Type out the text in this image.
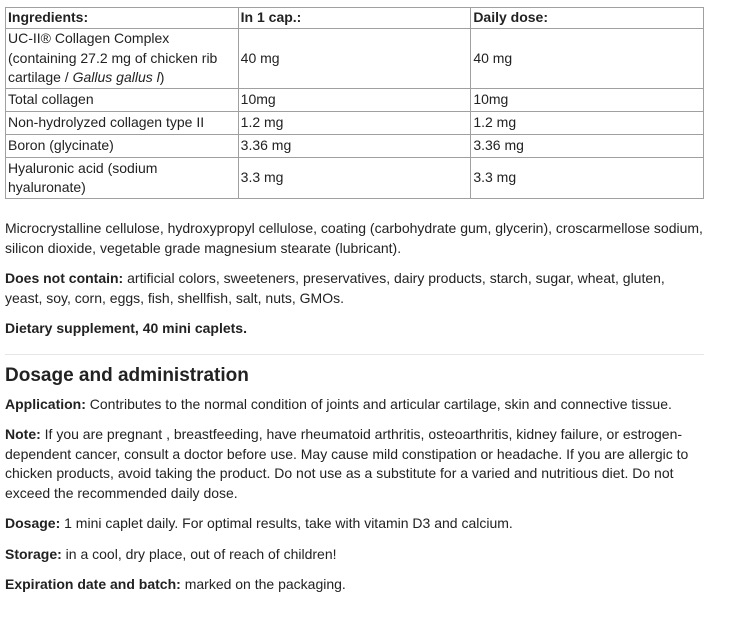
Ingredients:	In 1 cap.:	Daily dose:
UC-II® Collagen Complex
(containing 27.2 mg of chicken rib
cartilage / Gallus gallus l)	40 mg	40 mg
Total collagen	10mg	10mg
Non-hydrolyzed collagen type II	1.2 mg	1.2 mg
Boron (glycinate)	3.36 mg	3.36 mg
Hyaluronic acid (sodium
hyaluronate)	3.3 mg	3.3 mg

Microcrystalline cellulose, hydroxypropyl cellulose, coating (carbohydrate gum, glycerin), croscarmellose sodium, silicon dioxide, vegetable grade magnesium stearate (lubricant).

Does not contain: artificial colors, sweeteners, preservatives, dairy products, starch, sugar, wheat, gluten, yeast, soy, corn, eggs, fish, shellfish, salt, nuts, GMOs.

Dietary supplement, 40 mini caplets.

Dosage and administration

Application: Contributes to the normal condition of joints and articular cartilage, skin and connective tissue.

Note: If you are pregnant , breastfeeding, have rheumatoid arthritis, osteoarthritis, kidney failure, or estrogen-dependent cancer, consult a doctor before use. May cause mild constipation or headache. If you are allergic to chicken products, avoid taking the product. Do not use as a substitute for a varied and nutritious diet. Do not exceed the recommended daily dose.

Dosage: 1 mini caplet daily. For optimal results, take with vitamin D3 and calcium.

Storage: in a cool, dry place, out of reach of children!

Expiration date and batch: marked on the packaging.
